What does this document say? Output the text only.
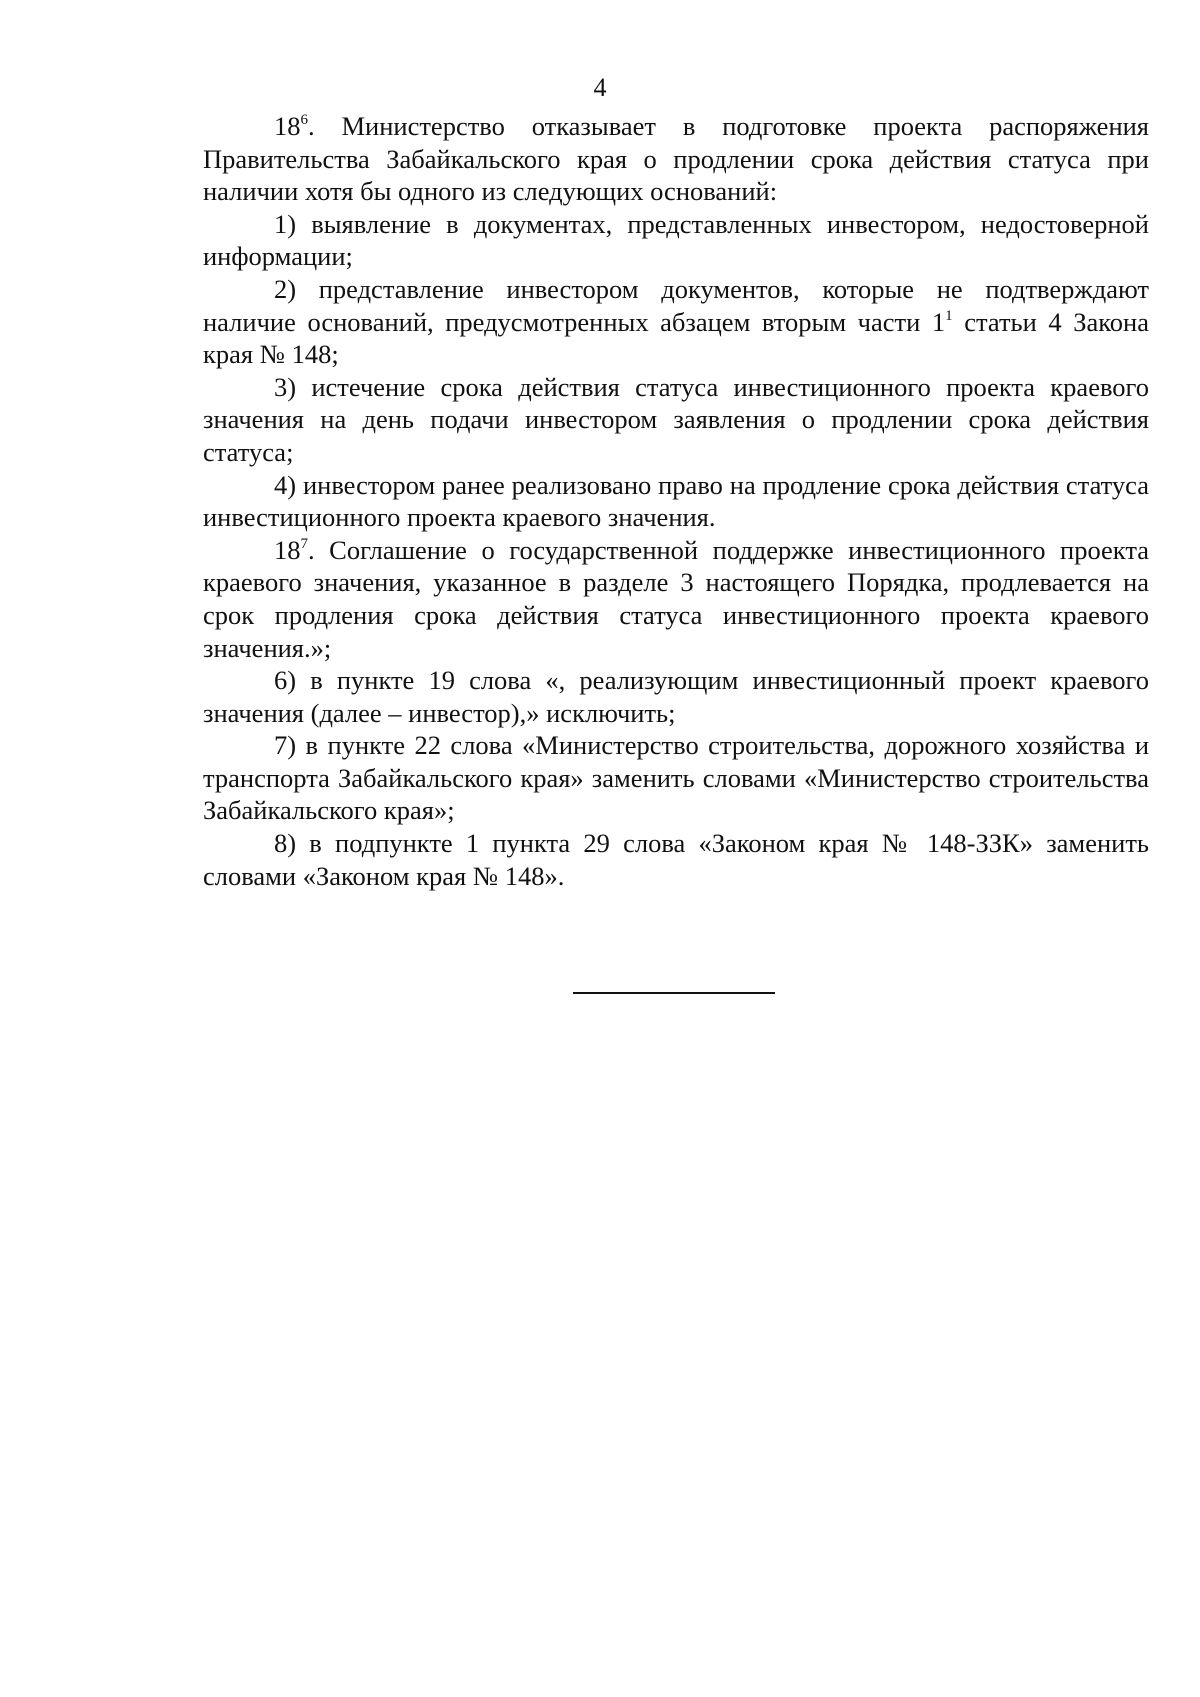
4

$18^6$. Министерство отказывает в подготовке проекта распоряжения Правительства Забайкальского края о продлении срока действия статуса при наличии хотя бы одного из следующих оснований:

1) выявление в документах, представленных инвестором, недостоверной информации;

2) представление инвестором документов, которые не подтверждают наличие оснований, предусмотренных абзацем вторым части $1^1$ статьи 4 Закона края № 148;

3) истечение срока действия статуса инвестиционного проекта краевого значения на день подачи инвестором заявления о продлении срока действия статуса;

4) инвестором ранее реализовано право на продление срока действия статуса инвестиционного проекта краевого значения.

$18^7$. Соглашение о государственной поддержке инвестиционного проекта краевого значения, указанное в разделе 3 настоящего Порядка, продлевается на срок продления срока действия статуса инвестиционного проекта краевого значения.»;

6) в пункте 19 слова «, реализующим инвестиционный проект краевого значения (далее – инвестор),» исключить;

7) в пункте 22 слова «Министерство строительства, дорожного хозяйства и транспорта Забайкальского края» заменить словами «Министерство строительства Забайкальского края»;

8) в подпункте 1 пункта 29 слова «Законом края № 148-ЗЗК» заменить словами «Законом края № 148».
